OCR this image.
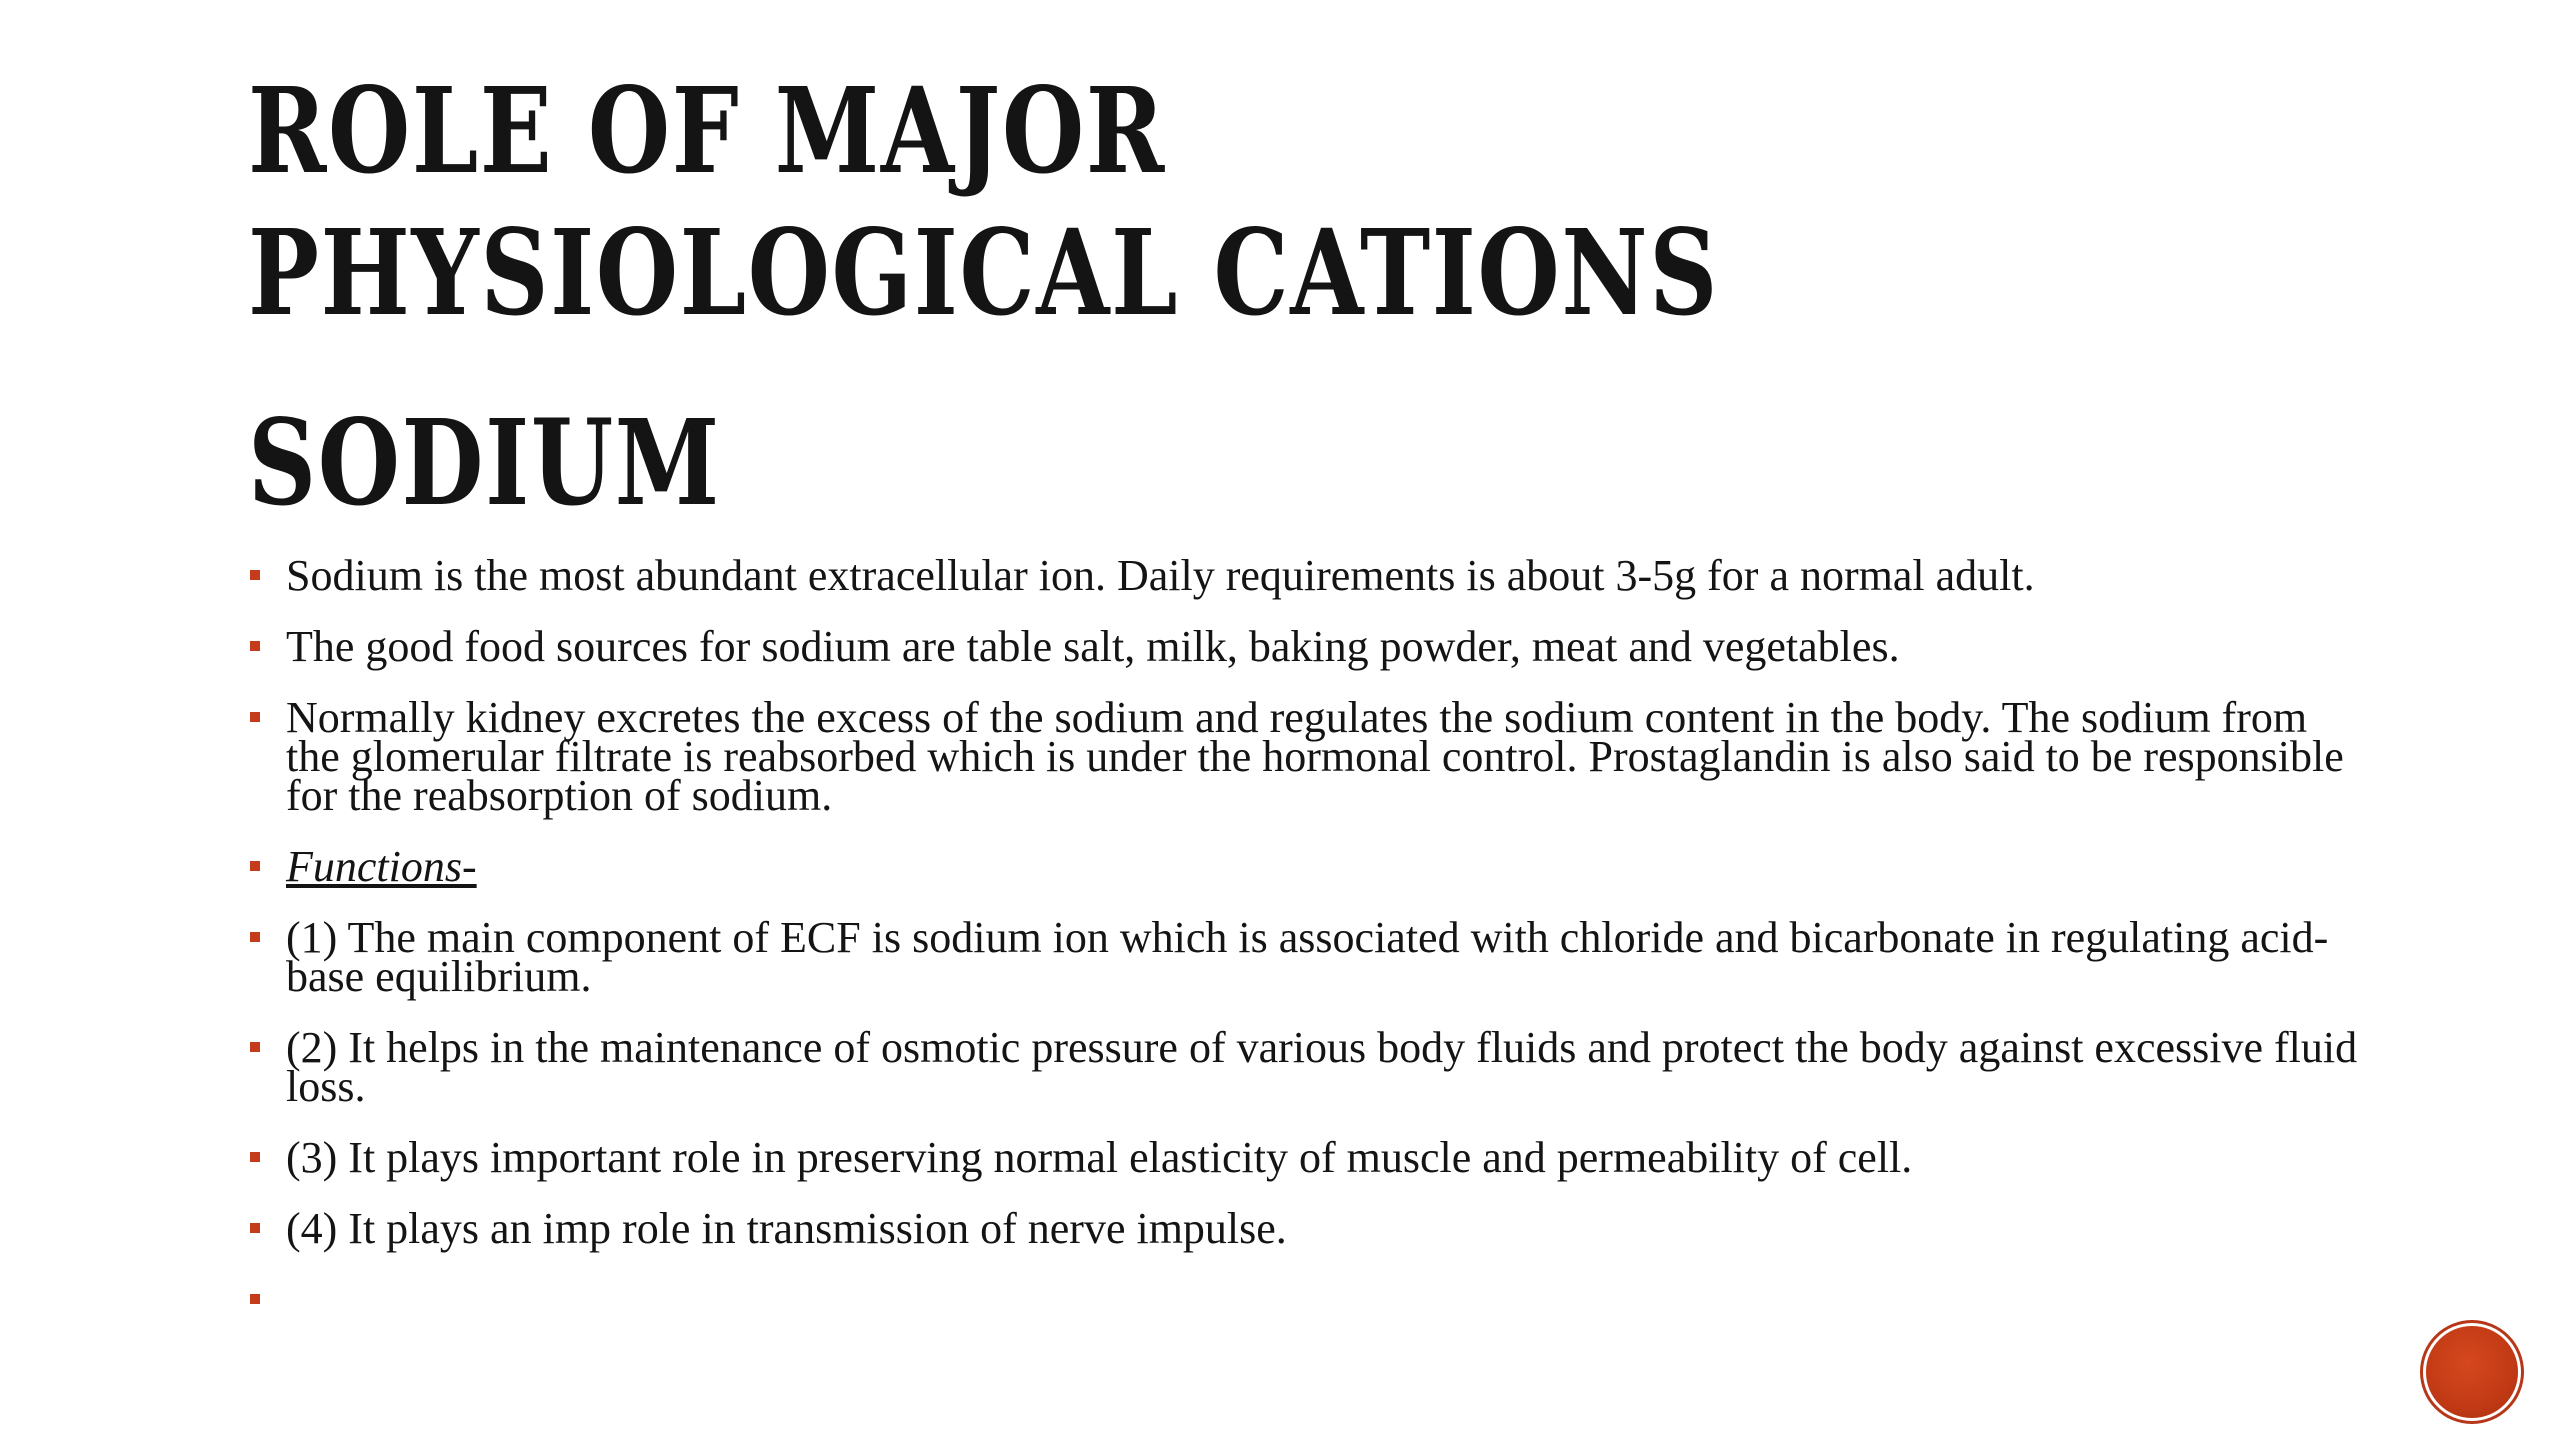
ROLE OF MAJOR PHYSIOLOGICAL CATIONS
SODIUM
Sodium is the most abundant extracellular ion. Daily requirements is about 3-5g for a normal adult.
The good food sources for sodium are table salt, milk, baking powder, meat and vegetables.
Normally kidney excretes the excess of the sodium and regulates the sodium content in the body. The sodium from the glomerular filtrate is reabsorbed which is under the hormonal control. Prostaglandin is also said to be responsible for the reabsorption of sodium.
Functions-
(1) The main component of ECF is sodium ion which is associated with chloride and bicarbonate in regulating acid-base equilibrium.
(2) It helps in the maintenance of osmotic pressure of various body fluids and protect the body against excessive fluid loss.
(3) It plays important role in preserving normal elasticity of muscle and permeability of cell.
(4) It plays an imp role in transmission of nerve impulse.
